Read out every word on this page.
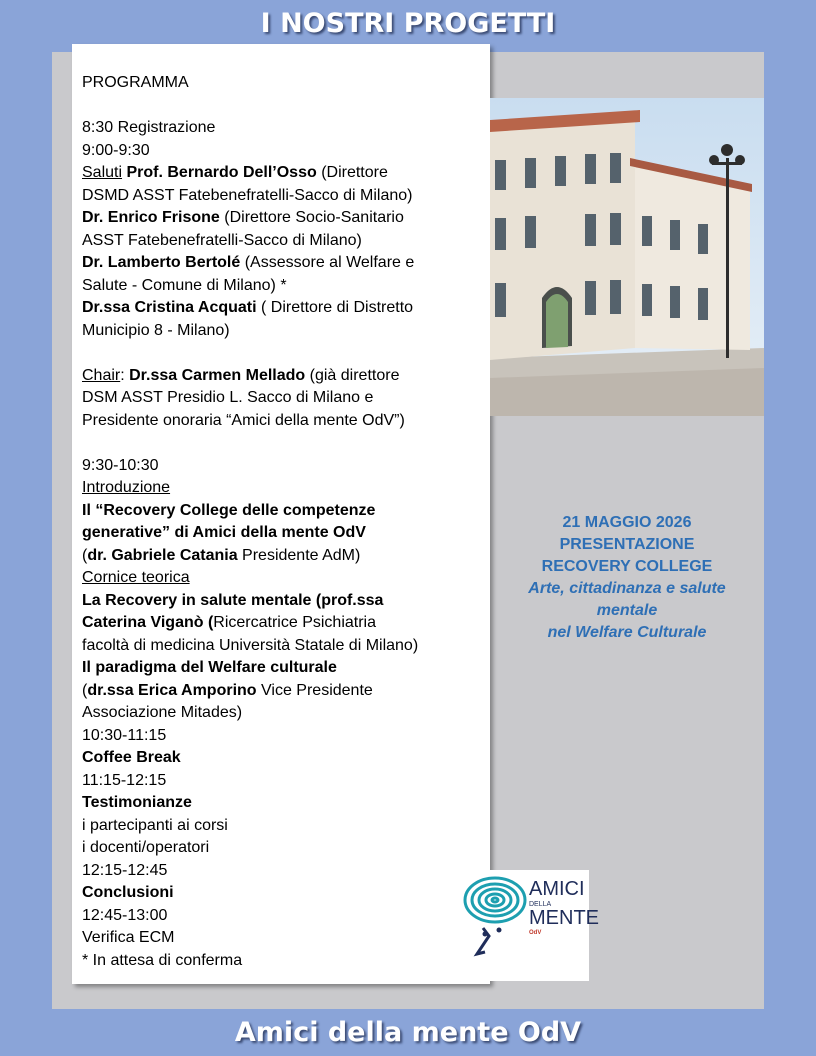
I NOSTRI PROGETTI
PROGRAMMA
8:30 Registrazione
9:00-9:30
Saluti Prof. Bernardo Dell’Osso (Direttore
DSMD ASST Fatebenefratelli-Sacco di Milano)
Dr. Enrico Frisone (Direttore Socio-Sanitario
ASST Fatebenefratelli-Sacco di Milano)
Dr. Lamberto Bertolé (Assessore al Welfare e
Salute - Comune di Milano) *
Dr.ssa Cristina Acquati ( Direttore di Distretto
Municipio 8 - Milano)
Chair: Dr.ssa Carmen Mellado (già direttore
DSM ASST Presidio L. Sacco di Milano e
Presidente onoraria “Amici della mente OdV”)
9:30-10:30
Introduzione
Il “Recovery College delle competenze
generative” di Amici della mente OdV
(dr. Gabriele Catania Presidente AdM)
Cornice teorica
La Recovery in salute mentale (prof.ssa
Caterina Viganò (Ricercatrice Psichiatria
facoltà di medicina Università Statale di Milano)
Il paradigma del Welfare culturale
(dr.ssa Erica Amporino Vice Presidente
Associazione Mitades)
10:30-11:15
Coffee Break
11:15-12:15
Testimonianze
i partecipanti ai corsi
i docenti/operatori
12:15-12:45
Conclusioni
12:45-13:00
Verifica ECM
* In attesa di conferma
21 MAGGIO 2026
PRESENTAZIONE
RECOVERY COLLEGE
Arte, cittadinanza e salute
mentale
nel Welfare Culturale
AMICI
DELLA
MENTE
OdV
Amici della mente OdV
